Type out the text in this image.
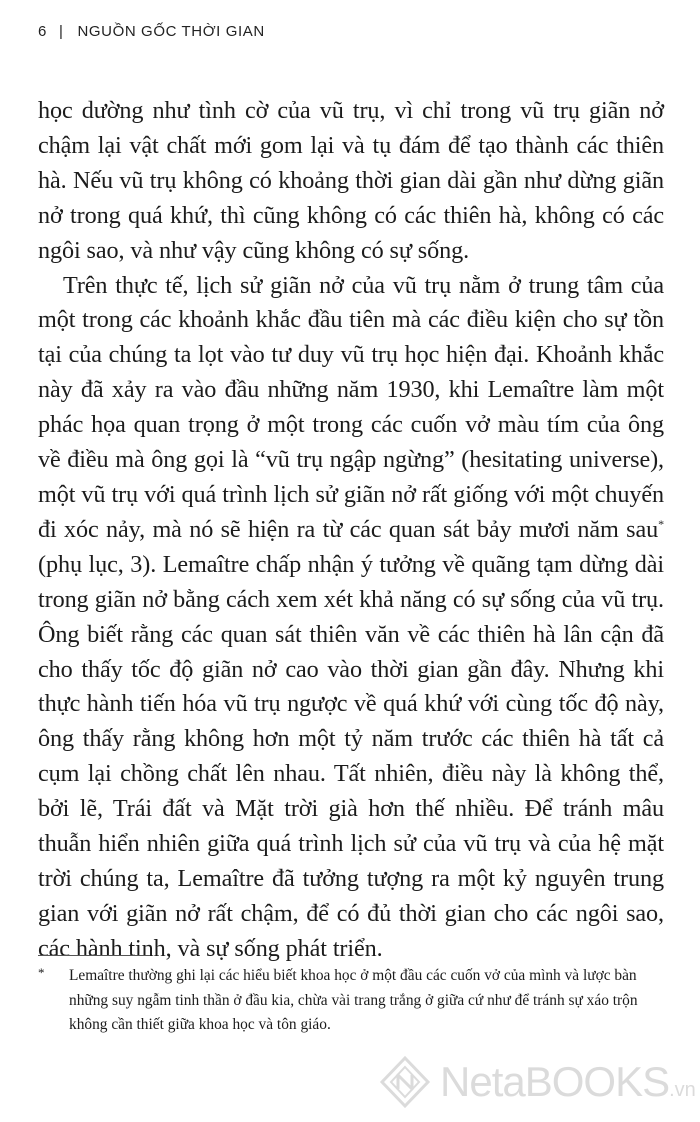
6 | NGUỒN GỐC THỜI GIAN

học dường như tình cờ của vũ trụ, vì chỉ trong vũ trụ giãn nở chậm lại vật chất mới gom lại và tụ đám để tạo thành các thiên hà. Nếu vũ trụ không có khoảng thời gian dài gần như dừng giãn nở trong quá khứ, thì cũng không có các thiên hà, không có các ngôi sao, và như vậy cũng không có sự sống.

Trên thực tế, lịch sử giãn nở của vũ trụ nằm ở trung tâm của một trong các khoảnh khắc đầu tiên mà các điều kiện cho sự tồn tại của chúng ta lọt vào tư duy vũ trụ học hiện đại. Khoảnh khắc này đã xảy ra vào đầu những năm 1930, khi Lemaître làm một phác họa quan trọng ở một trong các cuốn vở màu tím của ông về điều mà ông gọi là “vũ trụ ngập ngừng” (hesitating universe), một vũ trụ với quá trình lịch sử giãn nở rất giống với một chuyến đi xóc nảy, mà nó sẽ hiện ra từ các quan sát bảy mươi năm sau* (phụ lục, 3). Lemaître chấp nhận ý tưởng về quãng tạm dừng dài trong giãn nở bằng cách xem xét khả năng có sự sống của vũ trụ. Ông biết rằng các quan sát thiên văn về các thiên hà lân cận đã cho thấy tốc độ giãn nở cao vào thời gian gần đây. Nhưng khi thực hành tiến hóa vũ trụ ngược về quá khứ với cùng tốc độ này, ông thấy rằng không hơn một tỷ năm trước các thiên hà tất cả cụm lại chồng chất lên nhau. Tất nhiên, điều này là không thể, bởi lẽ, Trái đất và Mặt trời già hơn thế nhiều. Để tránh mâu thuẫn hiển nhiên giữa quá trình lịch sử của vũ trụ và của hệ mặt trời chúng ta, Lemaître đã tưởng tượng ra một kỷ nguyên trung gian với giãn nở rất chậm, để có đủ thời gian cho các ngôi sao, các hành tinh, và sự sống phát triển.

* Lemaître thường ghi lại các hiểu biết khoa học ở một đầu các cuốn vở của mình và lược bàn những suy ngẫm tinh thần ở đầu kia, chừa vài trang trắng ở giữa cứ như để tránh sự xáo trộn không cần thiết giữa khoa học và tôn giáo.
NetaBOOKS.vn
